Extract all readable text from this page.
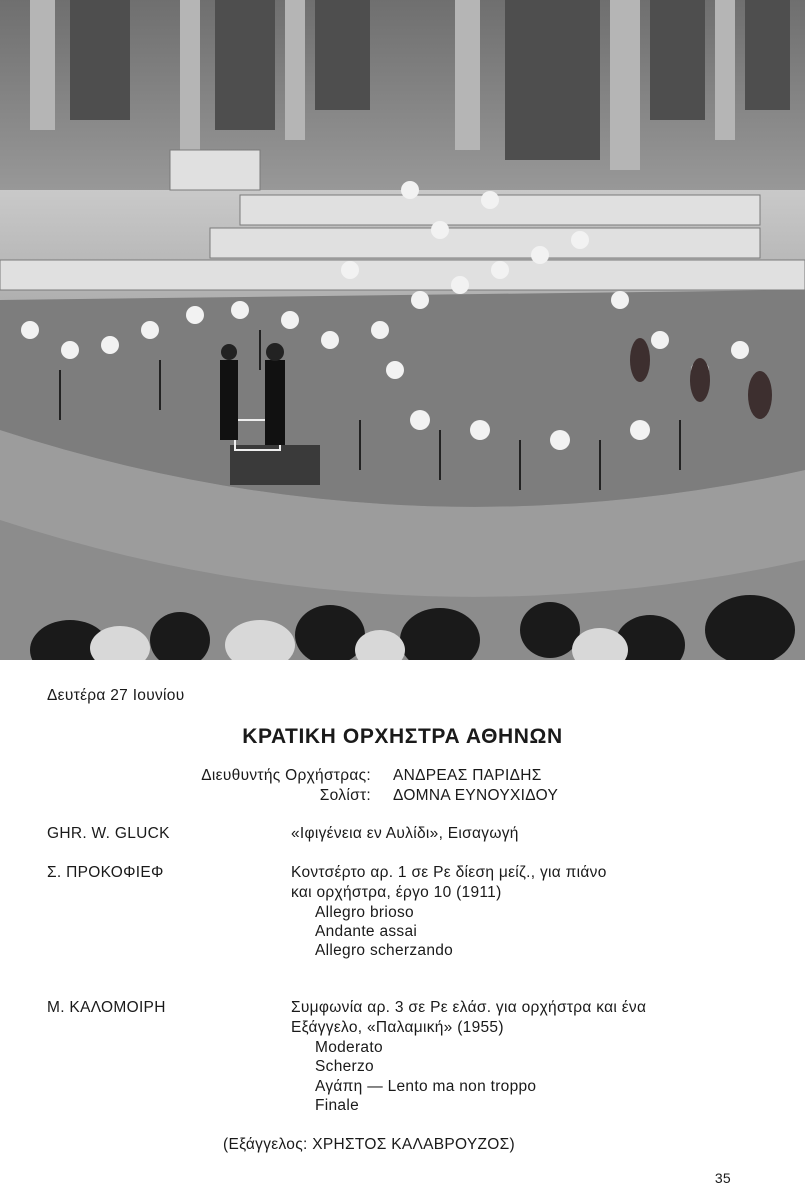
Δευτέρα 27 Ιουνίου
ΚΡΑΤΙΚΗ ΟΡΧΗΣΤΡΑ ΑΘΗΝΩΝ
Διευθυντής Ορχήστρας: ΑΝΔΡΕΑΣ ΠΑΡΙΔΗΣ
Σολίστ: ΔΟΜΝΑ ΕΥΝΟΥΧΙΔΟΥ
GHR. W. GLUCK	«Ιφιγένεια εν Αυλίδι», Εισαγωγή
Σ. ΠΡΟΚΟΦΙΕΦ	Κοντσέρτο αρ. 1 σε Ρε δίεση μείζ., για πιάνο
και ορχήστρα, έργο 10 (1911)
Allegro brioso
Andante assai
Allegro scherzando
Μ. ΚΑΛΟΜΟΙΡΗ	Συμφωνία αρ. 3 σε Ρε ελάσ. για ορχήστρα και ένα
Εξάγγελο, «Παλαμική» (1955)
Moderato
Scherzo
Αγάπη — Lento ma non troppo
Finale
(Εξάγγελος: ΧΡΗΣΤΟΣ ΚΑΛΑΒΡΟΥΖΟΣ)
35
